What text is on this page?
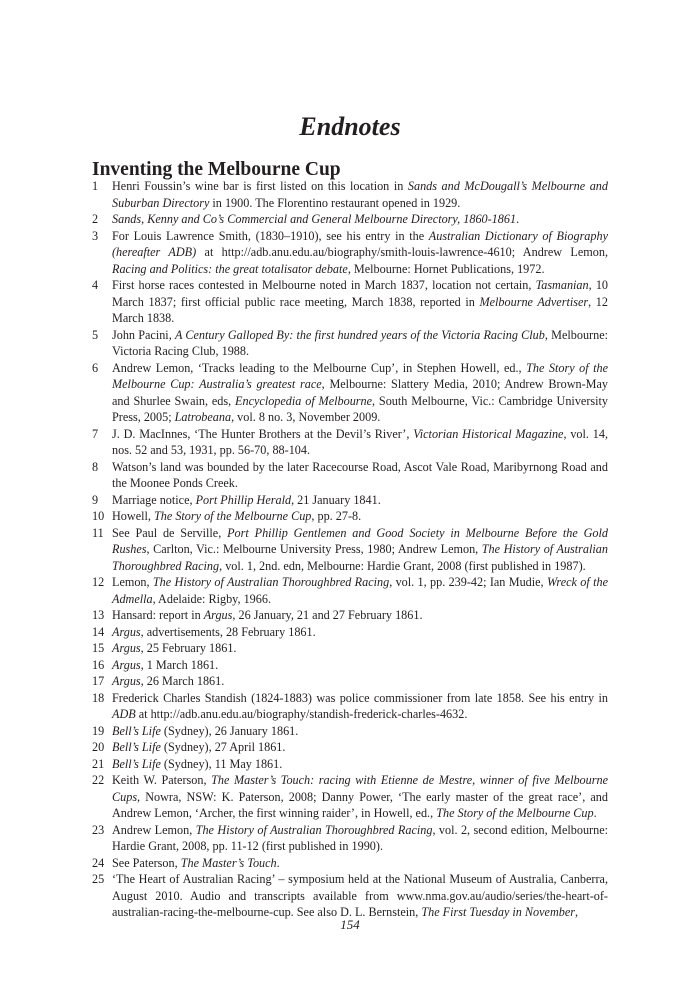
Endnotes
Inventing the Melbourne Cup
1	Henri Foussin’s wine bar is first listed on this location in Sands and McDougall’s Melbourne and Suburban Directory in 1900. The Florentino restaurant opened in 1929.
2	Sands, Kenny and Co’s Commercial and General Melbourne Directory, 1860-1861.
3	For Louis Lawrence Smith, (1830–1910), see his entry in the Australian Dictionary of Biography (hereafter ADB) at http://adb.anu.edu.au/biography/smith-louis-lawrence-4610; Andrew Lemon, Racing and Politics: the great totalisator debate, Melbourne: Hornet Publications, 1972.
4	First horse races contested in Melbourne noted in March 1837, location not certain, Tasmanian, 10 March 1837; first official public race meeting, March 1838, reported in Melbourne Advertiser, 12 March 1838.
5	John Pacini, A Century Galloped By: the first hundred years of the Victoria Racing Club, Melbourne: Victoria Racing Club, 1988.
6	Andrew Lemon, ‘Tracks leading to the Melbourne Cup’, in Stephen Howell, ed., The Story of the Melbourne Cup: Australia’s greatest race, Melbourne: Slattery Media, 2010; Andrew Brown-May and Shurlee Swain, eds, Encyclopedia of Melbourne, South Melbourne, Vic.: Cambridge University Press, 2005; Latrobeana, vol. 8 no. 3, November 2009.
7	J. D. MacInnes, ‘The Hunter Brothers at the Devil’s River’, Victorian Historical Magazine, vol. 14, nos. 52 and 53, 1931, pp. 56-70, 88-104.
8	Watson’s land was bounded by the later Racecourse Road, Ascot Vale Road, Maribyrnong Road and the Moonee Ponds Creek.
9	Marriage notice, Port Phillip Herald, 21 January 1841.
10 Howell, The Story of the Melbourne Cup, pp. 27-8.
11 See Paul de Serville, Port Phillip Gentlemen and Good Society in Melbourne Before the Gold Rushes, Carlton, Vic.: Melbourne University Press, 1980; Andrew Lemon, The History of Australian Thoroughbred Racing, vol. 1, 2nd. edn, Melbourne: Hardie Grant, 2008 (first published in 1987).
12 Lemon, The History of Australian Thoroughbred Racing, vol. 1, pp. 239-42; Ian Mudie, Wreck of the Admella, Adelaide: Rigby, 1966.
13 Hansard: report in Argus, 26 January, 21 and 27 February 1861.
14 Argus, advertisements, 28 February 1861.
15 Argus, 25 February 1861.
16 Argus, 1 March 1861.
17 Argus, 26 March 1861.
18 Frederick Charles Standish (1824-1883) was police commissioner from late 1858. See his entry in ADB at http://adb.anu.edu.au/biography/standish-frederick-charles-4632.
19 Bell’s Life (Sydney), 26 January 1861.
20 Bell’s Life (Sydney), 27 April 1861.
21 Bell’s Life (Sydney), 11 May 1861.
22 Keith W. Paterson, The Master’s Touch: racing with Etienne de Mestre, winner of five Melbourne Cups, Nowra, NSW: K. Paterson, 2008; Danny Power, ‘The early master of the great race’, and Andrew Lemon, ‘Archer, the first winning raider’, in Howell, ed., The Story of the Melbourne Cup.
23 Andrew Lemon, The History of Australian Thoroughbred Racing, vol. 2, second edition, Melbourne: Hardie Grant, 2008, pp. 11-12 (first published in 1990).
24 See Paterson, The Master’s Touch.
25 ‘The Heart of Australian Racing’ – symposium held at the National Museum of Australia, Canberra, August 2010. Audio and transcripts available from www.nma.gov.au/audio/series/the-heart-of-australian-racing-the-melbourne-cup. See also D. L. Bernstein, The First Tuesday in November,
154
